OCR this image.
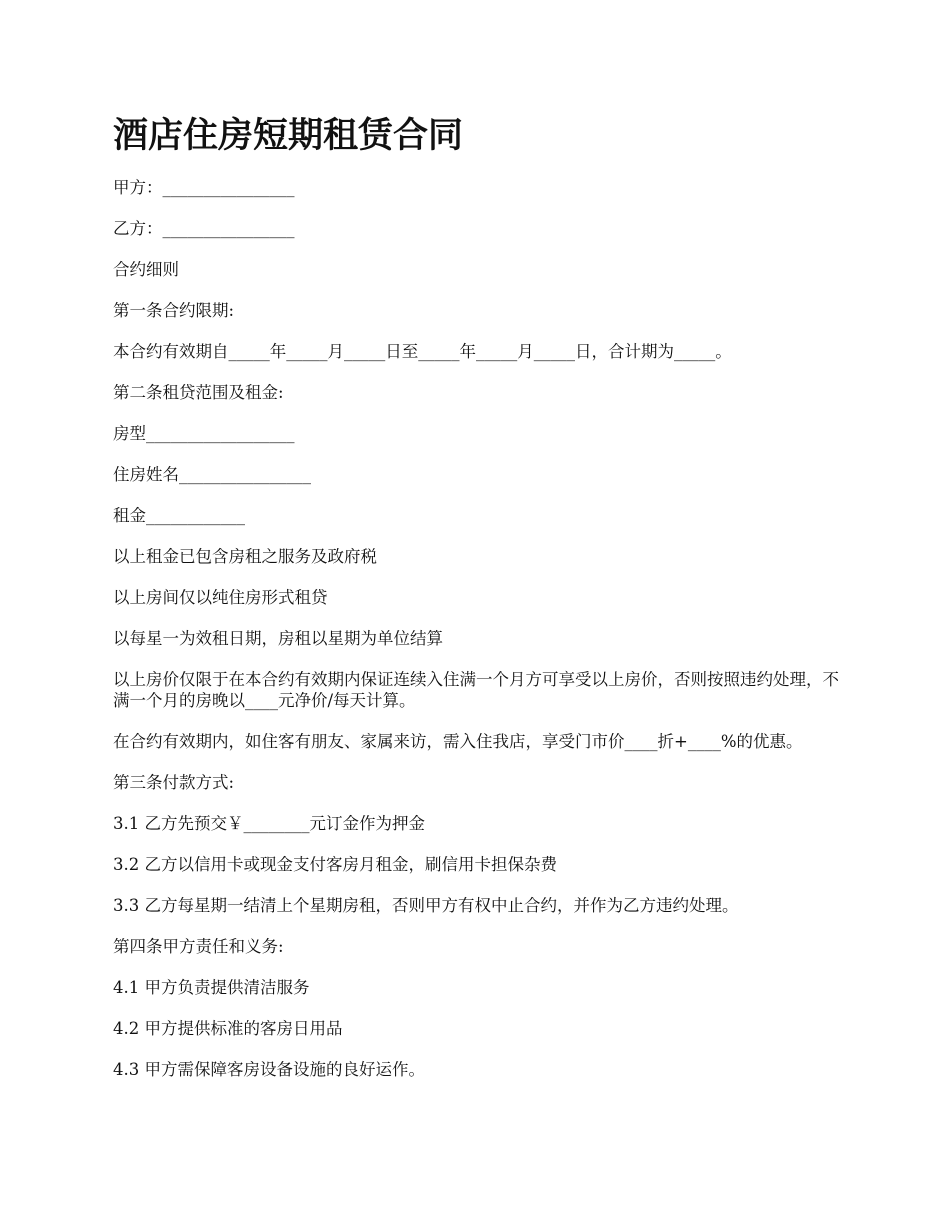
酒店住房短期租赁合同

甲方：________________

乙方：________________

合约细则

第一条合约限期:

本合约有效期自_____年_____月_____日至_____年_____月_____日，合计期为_____。

第二条租贷范围及租金:

房型__________________

住房姓名________________

租金____________

以上租金已包含房租之服务及政府税

以上房间仅以纯住房形式租贷

以每星一为效租日期，房租以星期为单位结算

以上房价仅限于在本合约有效期内保证连续入住满一个月方可享受以上房价，否则按照违约处理，不满一个月的房晚以____元净价/每天计算。

在合约有效期内，如住客有朋友、家属来访，需入住我店，享受门市价____折+____%的优惠。

第三条付款方式:

3.1 乙方先预交￥________元订金作为押金

3.2 乙方以信用卡或现金支付客房月租金，刷信用卡担保杂费

3.3 乙方每星期一结清上个星期房租，否则甲方有权中止合约，并作为乙方违约处理。

第四条甲方责任和义务:

4.1 甲方负责提供清洁服务

4.2 甲方提供标准的客房日用品

4.3 甲方需保障客房设备设施的良好运作。
